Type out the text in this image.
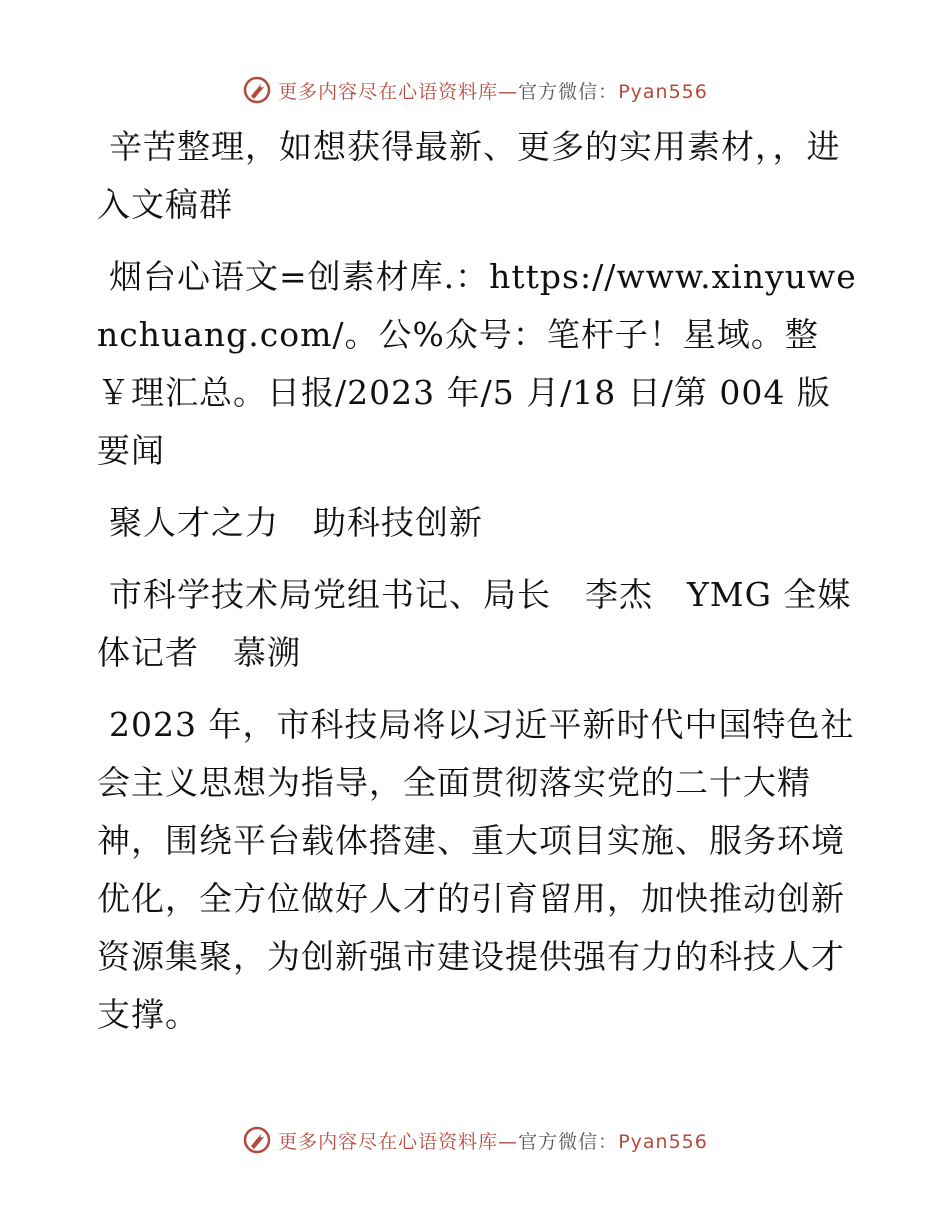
更多内容尽在心语资料库—官方微信：Pyan556

辛苦整理，如想获得最新、更多的实用素材，，进入文稿群

烟台心语文=创素材库.：https://www.xinyuwenchuang.com/。公%众号：笔杆子！星域。整￥理汇总。日报/2023 年/5 月/18 日/第 004 版要闻

聚人才之力　助科技创新

市科学技术局党组书记、局长　李杰　YMG 全媒体记者　慕溯

2023 年，市科技局将以习近平新时代中国特色社会主义思想为指导，全面贯彻落实党的二十大精神，围绕平台载体搭建、重大项目实施、服务环境优化，全方位做好人才的引育留用，加快推动创新资源集聚，为创新强市建设提供强有力的科技人才支撑。

更多内容尽在心语资料库—官方微信：Pyan556
